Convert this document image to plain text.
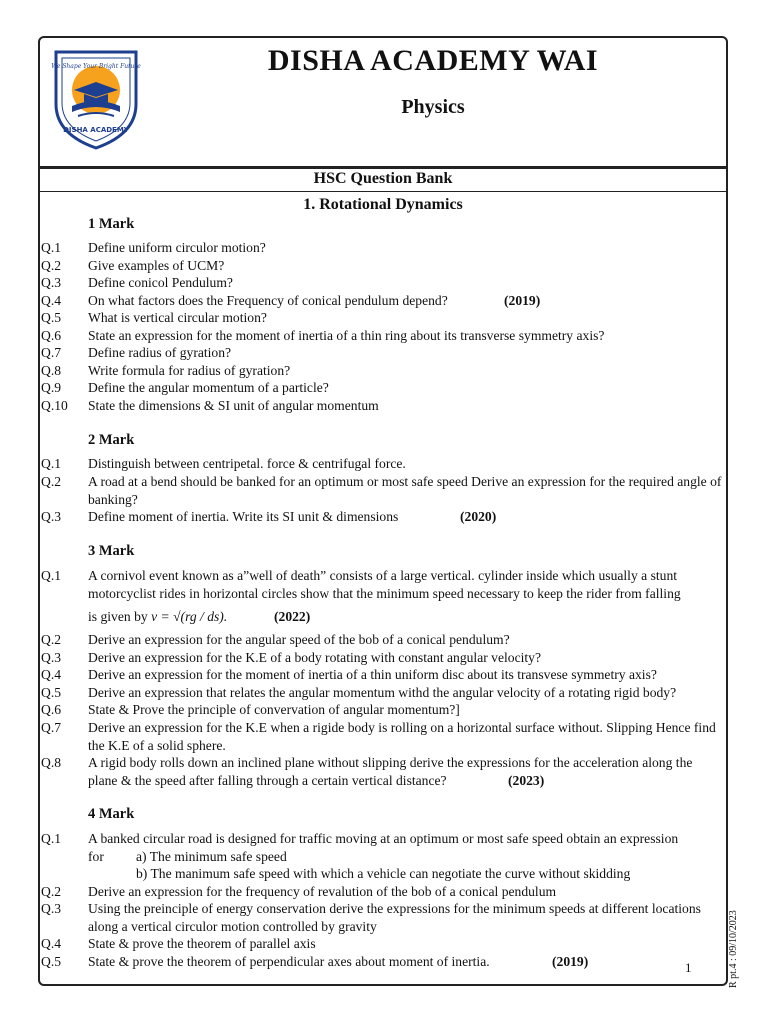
We Shape Your Bright Future
DISHA ACADEMY
DISHA ACADEMY WAI
Physics
HSC Question Bank
1. Rotational Dynamics
1 Mark
Q.1 Define uniform circulor motion?
Q.2 Give examples of UCM?
Q.3 Define conicol Pendulum?
Q.4 On what factors does the Frequency of conical pendulum depend?	(2019)
Q.5 What is vertical circular motion?
Q.6 State an expression for the moment of inertia of a thin ring about its transverse symmetry axis?
Q.7 Define radius of gyration?
Q.8 Write formula for radius of gyration?
Q.9 Define the angular momentum of a particle?
Q.10 State the dimensions & SI unit of angular momentum
2 Mark
Q.1 Distinguish between centripetal. force & centrifugal force.
Q.2 A road at a bend should be banked for an optimum or most safe speed Derive an expression for the required angle of banking?
Q.3 Define moment of inertia. Write its SI unit & dimensions	(2020)
3 Mark
Q.1 A cornivol event known as a”well of death” consists of a large vertical. cylinder inside which usually a stunt motorcyclist rides in horizontal circles show that the minimum speed necessary to keep the rider from falling
is given by v = √(rg / ds).	(2022)
Q.2 Derive an expression for the angular speed of the bob of a conical pendulum?
Q.3 Derive an expression for the K.E of a body rotating with constant angular velocity?
Q.4 Derive an expression for the moment of inertia of a thin uniform disc about its transvese symmetry axis?
Q.5 Derive an expression that relates the angular momentum withd the angular velocity of a rotating rigid body?
Q.6 State & Prove the principle of convervation of angular momentum?]
Q.7 Derive an expression for the K.E when a rigide body is rolling on a horizontal surface without. Slipping Hence find the K.E of a solid sphere.
Q.8 A rigid body rolls down an inclined plane without slipping derive the expressions for the acceleration along the plane & the speed after falling through a certain vertical distance?	(2023)
4 Mark
Q.1 A banked circular road is designed for traffic moving at an optimum or most safe speed obtain an expression
for a) The minimum safe speed
b) The manimum safe speed with which a vehicle can negotiate the curve without skidding
Q.2 Derive an expression for the frequency of revalution of the bob of a conical pendulum
Q.3 Using the preinciple of energy conservation derive the expressions for the minimum speeds at different locations along a vertical circulor motion controlled by gravity
Q.4 State & prove the theorem of parallel axis
Q.5 State & prove the theorem of perpendicular axes about moment of inertia.	(2019)	1	R pt.4 : 09/10/2023
